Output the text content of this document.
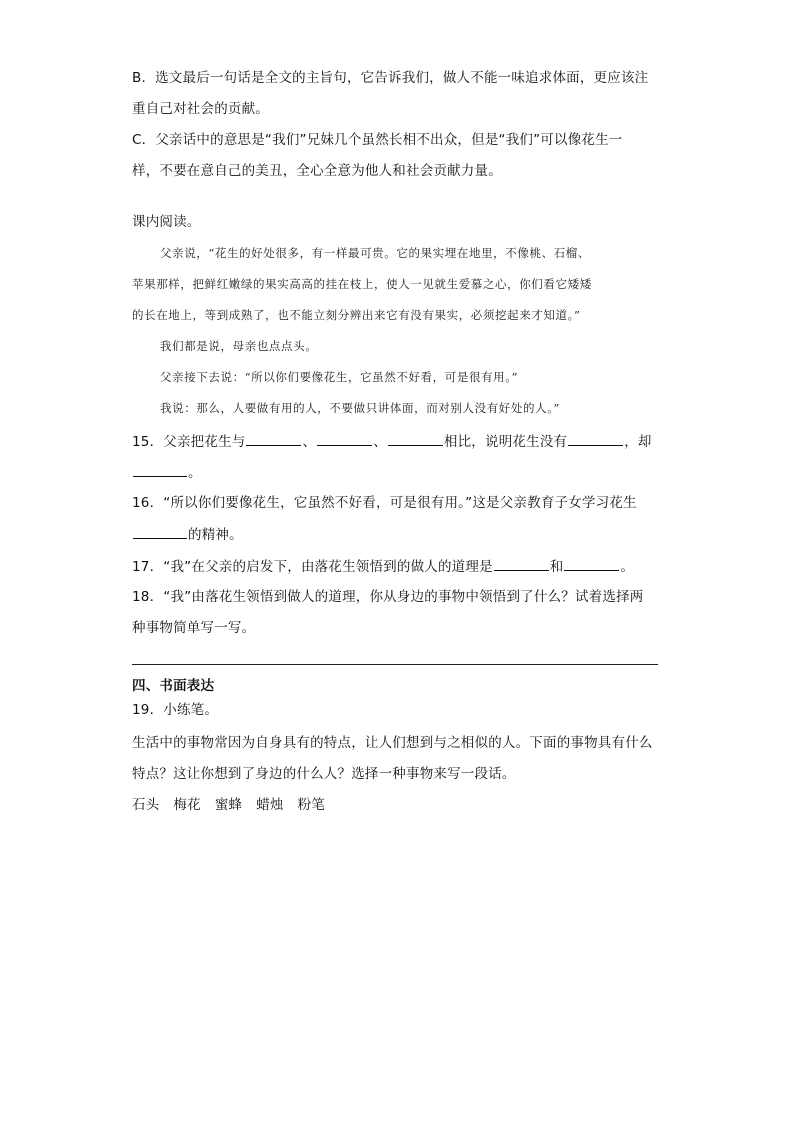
B．选文最后一句话是全文的主旨句，它告诉我们，做人不能一味追求体面，更应该注
重自己对社会的贡献。
C．父亲话中的意思是“我们”兄妹几个虽然长相不出众，但是“我们”可以像花生一
样，不要在意自己的美丑，全心全意为他人和社会贡献力量。
课内阅读。
父亲说，“花生的好处很多，有一样最可贵。它的果实埋在地里，不像桃、石榴、
苹果那样，把鲜红嫩绿的果实高高的挂在枝上，使人一见就生爱慕之心，你们看它矮矮
的长在地上，等到成熟了，也不能立刻分辨出来它有没有果实，必须挖起来才知道。”
我们都是说，母亲也点点头。
父亲接下去说：“所以你们要像花生，它虽然不好看，可是很有用。”
我说：那么，人要做有用的人，不要做只讲体面，而对别人没有好处的人。”
15．父亲把花生与	、	、	相比，说明花生没有	，却
。
16．“所以你们要像花生，它虽然不好看，可是很有用。”这是父亲教育子女学习花生
的精神。
17．“我”在父亲的启发下，由落花生领悟到的做人的道理是	和	。
18．“我”由落花生领悟到做人的道理，你从身边的事物中领悟到了什么？试着选择两
种事物简单写一写。
四、书面表达
19．小练笔。
生活中的事物常因为自身具有的特点，让人们想到与之相似的人。下面的事物具有什么
特点？这让你想到了身边的什么人？选择一种事物来写一段话。
石头 梅花 蜜蜂 蜡烛 粉笔
